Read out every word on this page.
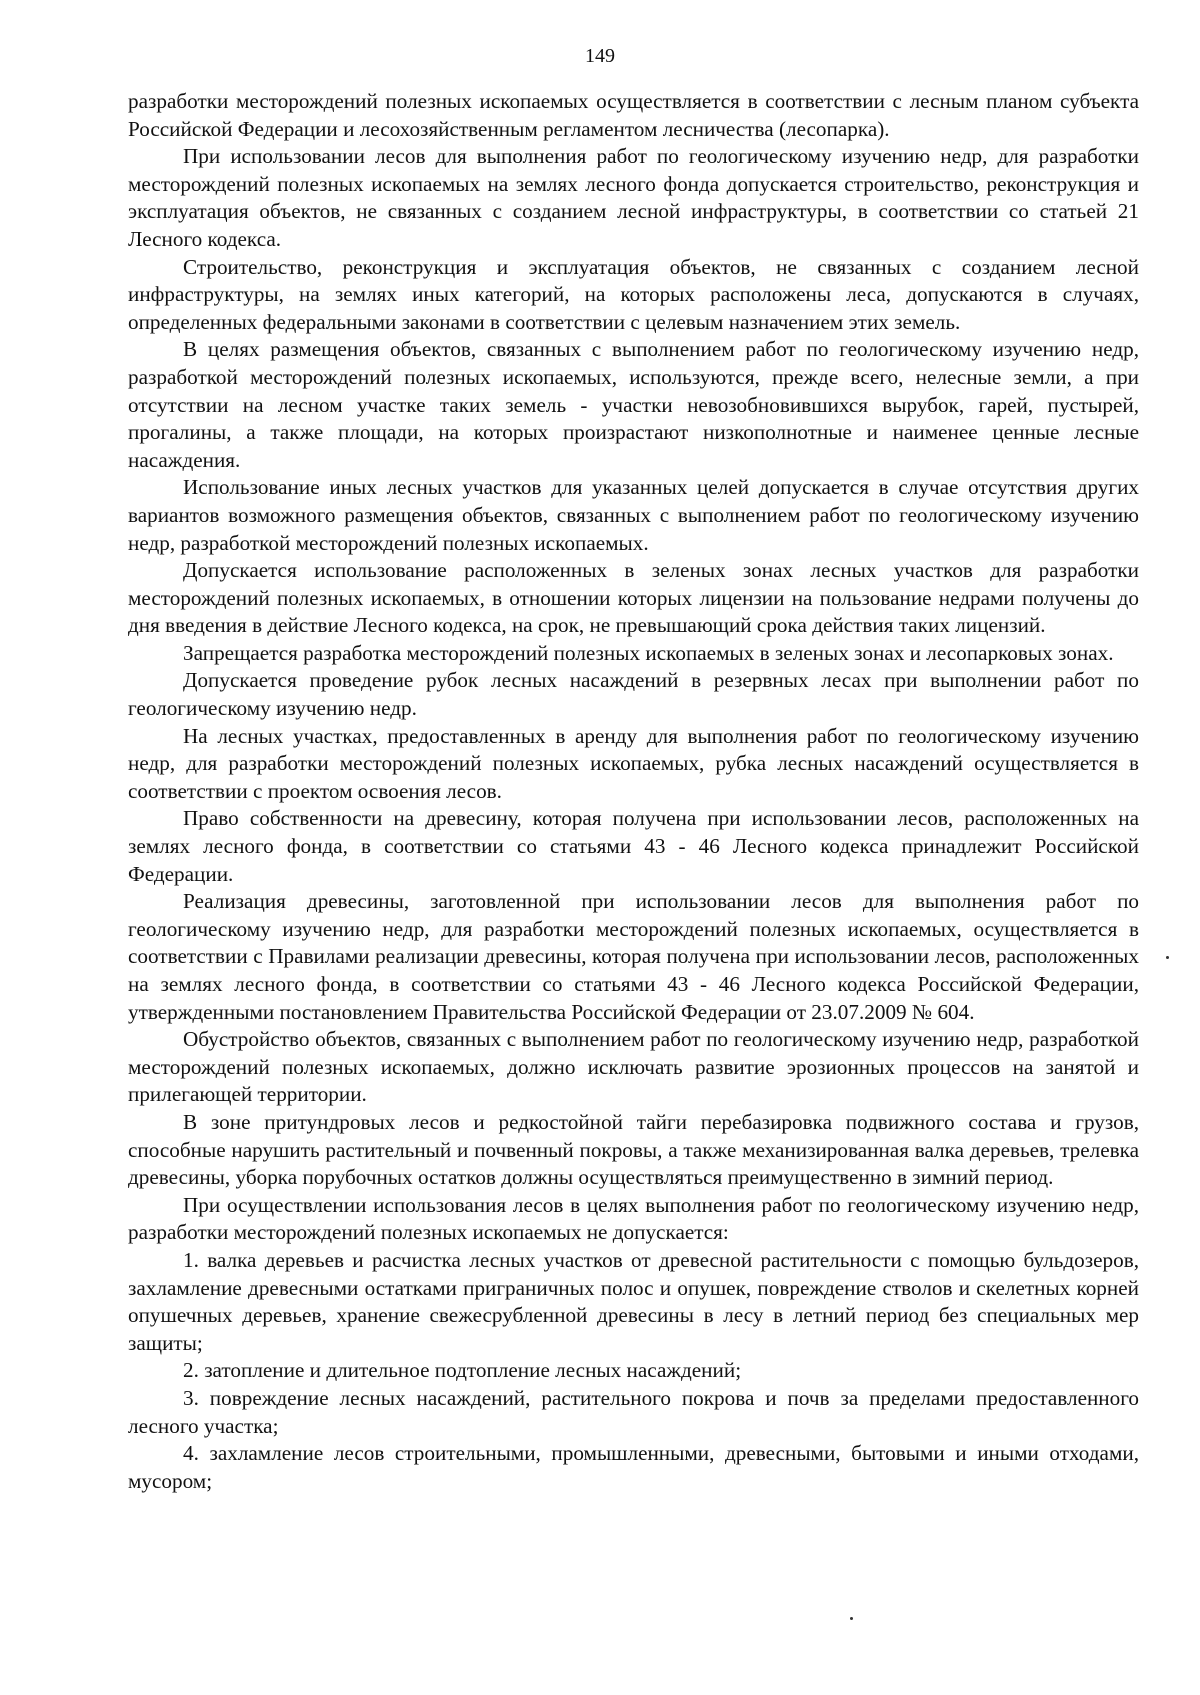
149

разработки месторождений полезных ископаемых осуществляется в соответствии с лесным планом субъекта Российской Федерации и лесохозяйственным регламентом лесничества (лесопарка).

При использовании лесов для выполнения работ по геологическому изучению недр, для разработки месторождений полезных ископаемых на землях лесного фонда допускается строительство, реконструкция и эксплуатация объектов, не связанных с созданием лесной инфраструктуры, в соответствии со статьей 21 Лесного кодекса.

Строительство, реконструкция и эксплуатация объектов, не связанных с созданием лесной инфраструктуры, на землях иных категорий, на которых расположены леса, допускаются в случаях, определенных федеральными законами в соответствии с целевым назначением этих земель.

В целях размещения объектов, связанных с выполнением работ по геологическому изучению недр, разработкой месторождений полезных ископаемых, используются, прежде всего, нелесные земли, а при отсутствии на лесном участке таких земель - участки невозобновившихся вырубок, гарей, пустырей, прогалины, а также площади, на которых произрастают низкополнотные и наименее ценные лесные насаждения.

Использование иных лесных участков для указанных целей допускается в случае отсутствия других вариантов возможного размещения объектов, связанных с выполнением работ по геологическому изучению недр, разработкой месторождений полезных ископаемых.

Допускается использование расположенных в зеленых зонах лесных участков для разработки месторождений полезных ископаемых, в отношении которых лицензии на пользование недрами получены до дня введения в действие Лесного кодекса, на срок, не превышающий срока действия таких лицензий.

Запрещается разработка месторождений полезных ископаемых в зеленых зонах и лесопарковых зонах.

Допускается проведение рубок лесных насаждений в резервных лесах при выполнении работ по геологическому изучению недр.

На лесных участках, предоставленных в аренду для выполнения работ по геологическому изучению недр, для разработки месторождений полезных ископаемых, рубка лесных насаждений осуществляется в соответствии с проектом освоения лесов.

Право собственности на древесину, которая получена при использовании лесов, расположенных на землях лесного фонда, в соответствии со статьями 43 - 46 Лесного кодекса принадлежит Российской Федерации.

Реализация древесины, заготовленной при использовании лесов для выполнения работ по геологическому изучению недр, для разработки месторождений полезных ископаемых, осуществляется в соответствии с Правилами реализации древесины, которая получена при использовании лесов, расположенных на землях лесного фонда, в соответствии со статьями 43 - 46 Лесного кодекса Российской Федерации, утвержденными постановлением Правительства Российской Федерации от 23.07.2009 № 604.

Обустройство объектов, связанных с выполнением работ по геологическому изучению недр, разработкой месторождений полезных ископаемых, должно исключать развитие эрозионных процессов на занятой и прилегающей территории.

В зоне притундровых лесов и редкостойной тайги перебазировка подвижного состава и грузов, способные нарушить растительный и почвенный покровы, а также механизированная валка деревьев, трелевка древесины, уборка порубочных остатков должны осуществляться преимущественно в зимний период.

При осуществлении использования лесов в целях выполнения работ по геологическому изучению недр, разработки месторождений полезных ископаемых не допускается:

1. валка деревьев и расчистка лесных участков от древесной растительности с помощью бульдозеров, захламление древесными остатками приграничных полос и опушек, повреждение стволов и скелетных корней опушечных деревьев, хранение свежесрубленной древесины в лесу в летний период без специальных мер защиты;

2. затопление и длительное подтопление лесных насаждений;

3. повреждение лесных насаждений, растительного покрова и почв за пределами предоставленного лесного участка;

4. захламление лесов строительными, промышленными, древесными, бытовыми и иными отходами, мусором;
